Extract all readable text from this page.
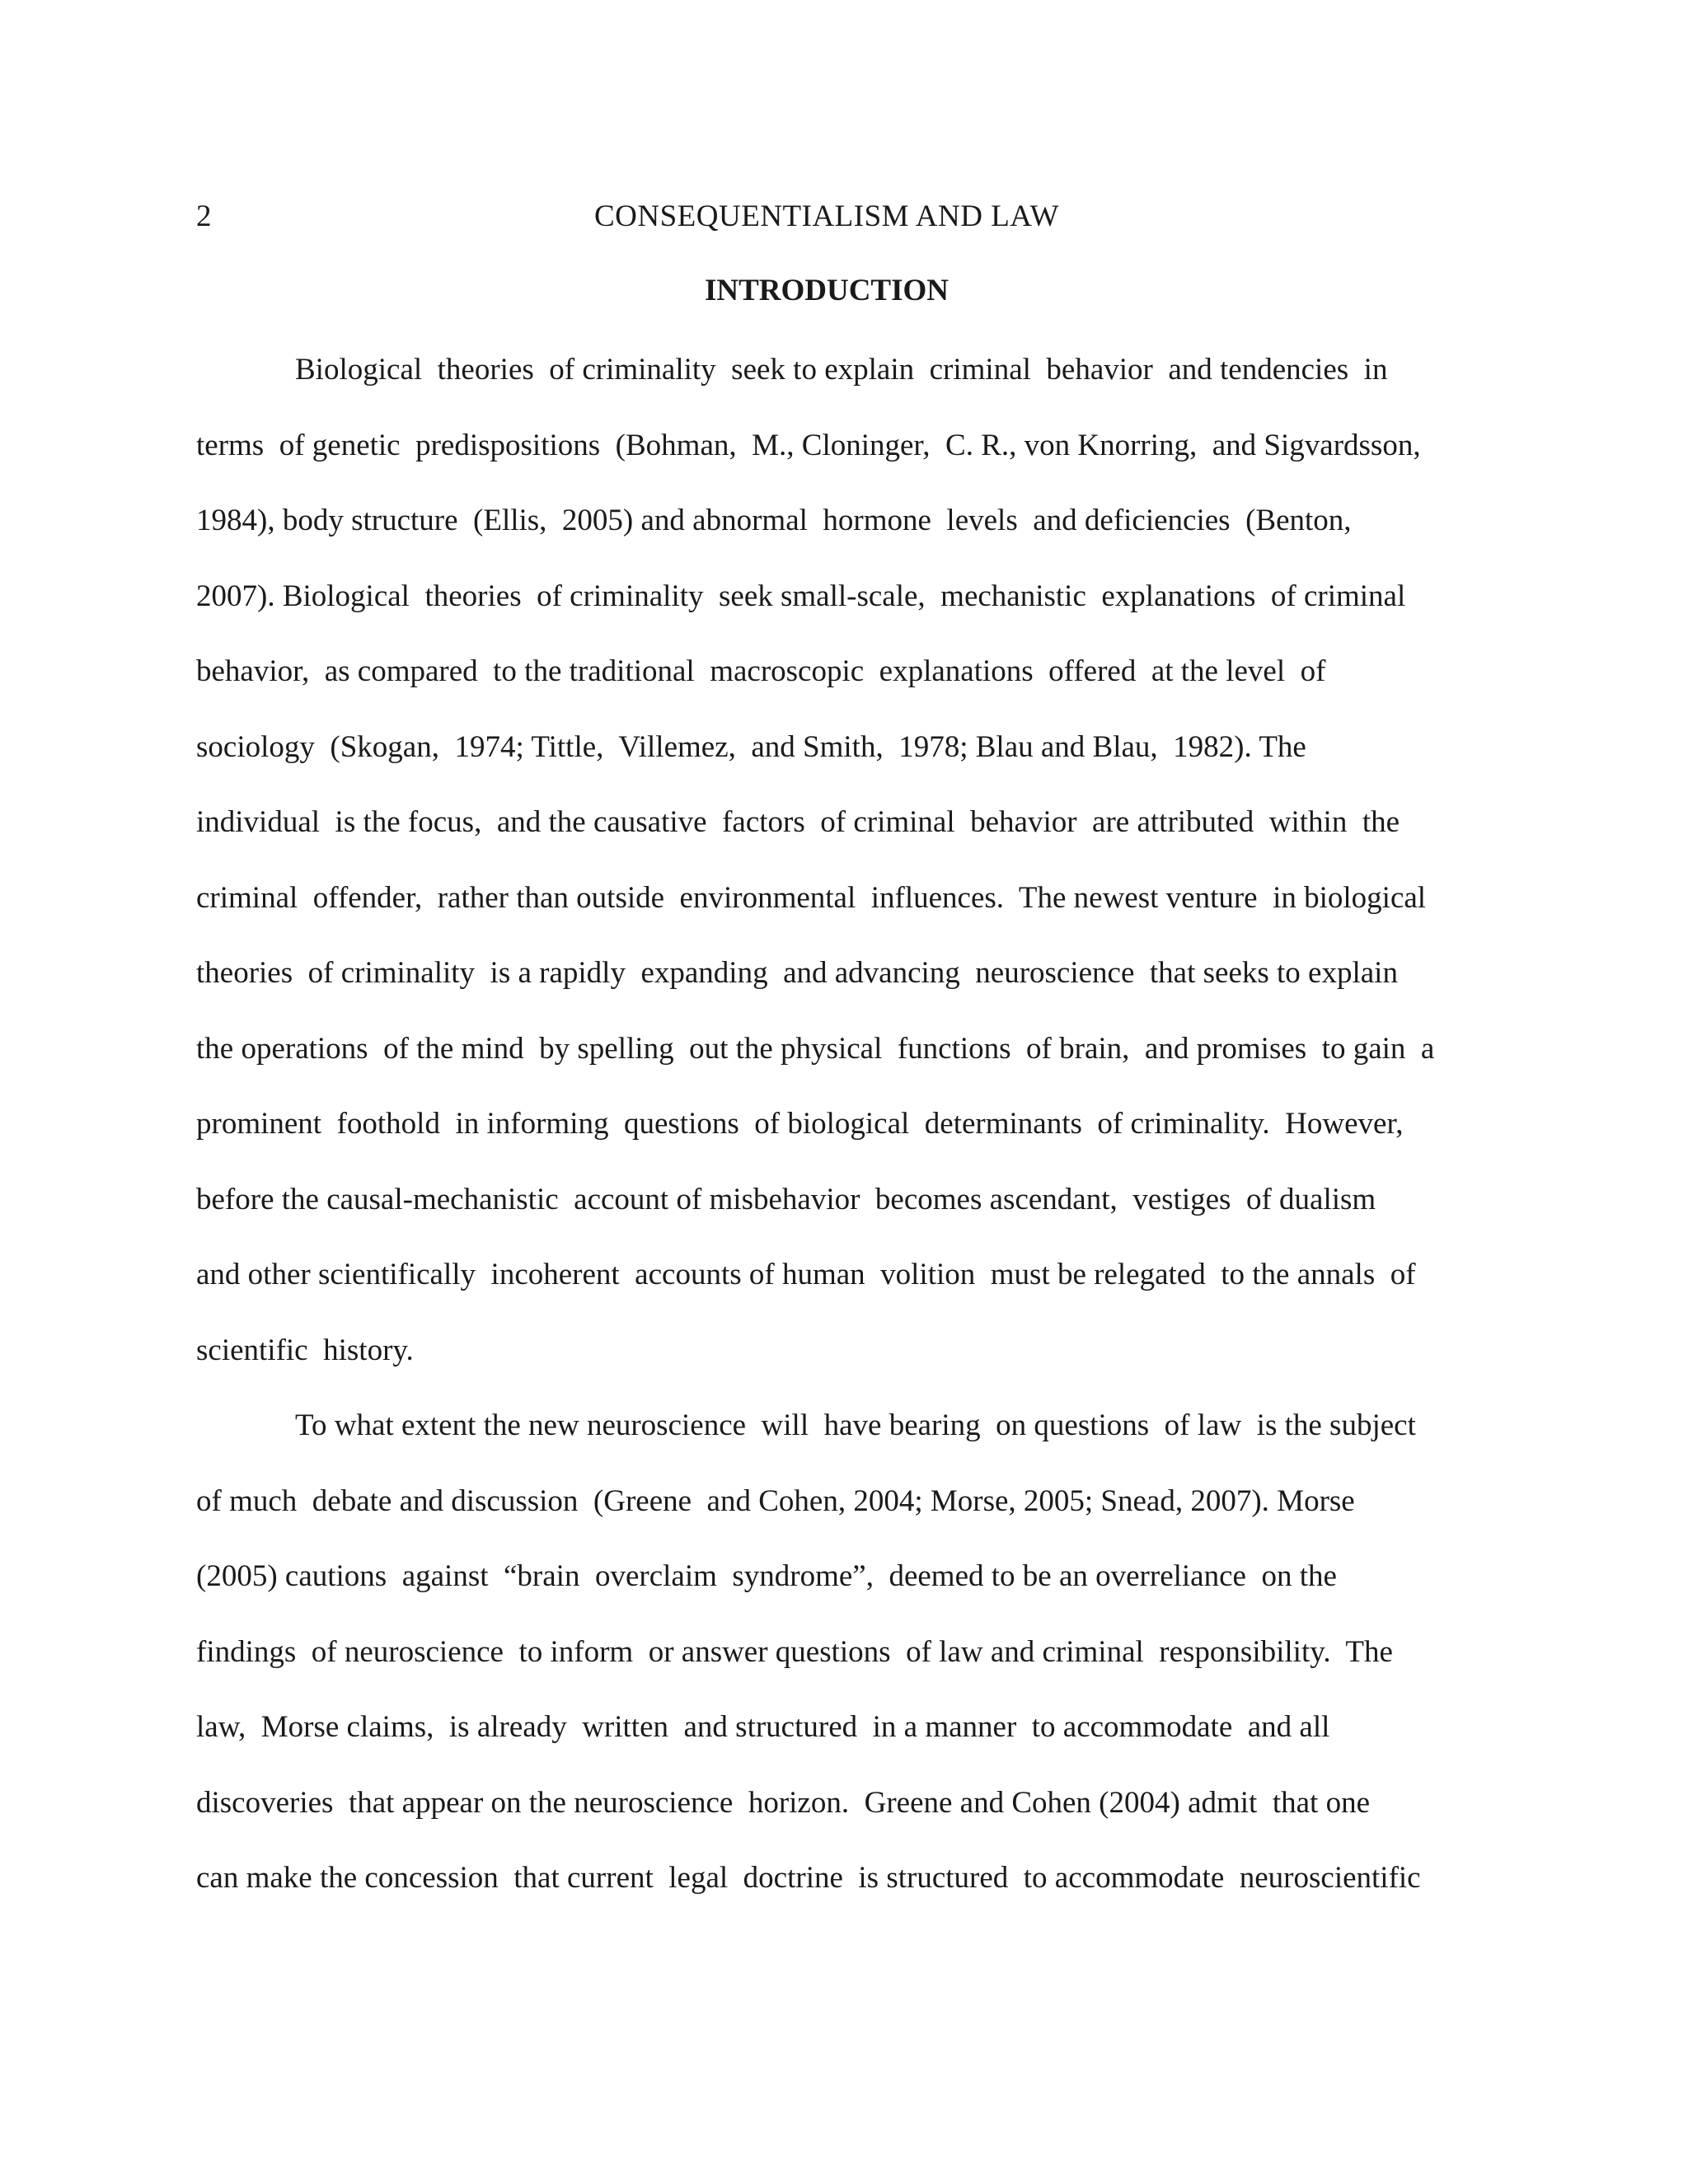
2	CONSEQUENTIALISM AND LAW
INTRODUCTION
Biological  theories  of criminality  seek to explain  criminal  behavior  and tendencies  in
terms  of genetic  predispositions  (Bohman,  M., Cloninger,  C. R., von Knorring,  and Sigvardsson,
1984), body structure  (Ellis,  2005) and abnormal  hormone  levels  and deficiencies  (Benton,
2007). Biological  theories  of criminality  seek small-scale,  mechanistic  explanations  of criminal
behavior,  as compared  to the traditional  macroscopic  explanations  offered  at the level  of
sociology  (Skogan,  1974; Tittle,  Villemez,  and Smith,  1978; Blau and Blau,  1982). The
individual  is the focus,  and the causative  factors  of criminal  behavior  are attributed  within  the
criminal  offender,  rather than outside  environmental  influences.  The newest venture  in biological
theories  of criminality  is a rapidly  expanding  and advancing  neuroscience  that seeks to explain
the operations  of the mind  by spelling  out the physical  functions  of brain,  and promises  to gain  a
prominent  foothold  in informing  questions  of biological  determinants  of criminality.  However,
before the causal-mechanistic  account of misbehavior  becomes ascendant,  vestiges  of dualism
and other scientifically  incoherent  accounts of human  volition  must be relegated  to the annals  of
scientific  history.
To what extent the new neuroscience  will  have bearing  on questions  of law  is the subject
of much  debate and discussion  (Greene  and Cohen, 2004; Morse, 2005; Snead, 2007). Morse
(2005) cautions  against  “brain  overclaim  syndrome”,  deemed to be an overreliance  on the
findings  of neuroscience  to inform  or answer questions  of law and criminal  responsibility.  The
law,  Morse claims,  is already  written  and structured  in a manner  to accommodate  and all
discoveries  that appear on the neuroscience  horizon.  Greene and Cohen (2004) admit  that one
can make the concession  that current  legal  doctrine  is structured  to accommodate  neuroscientific
